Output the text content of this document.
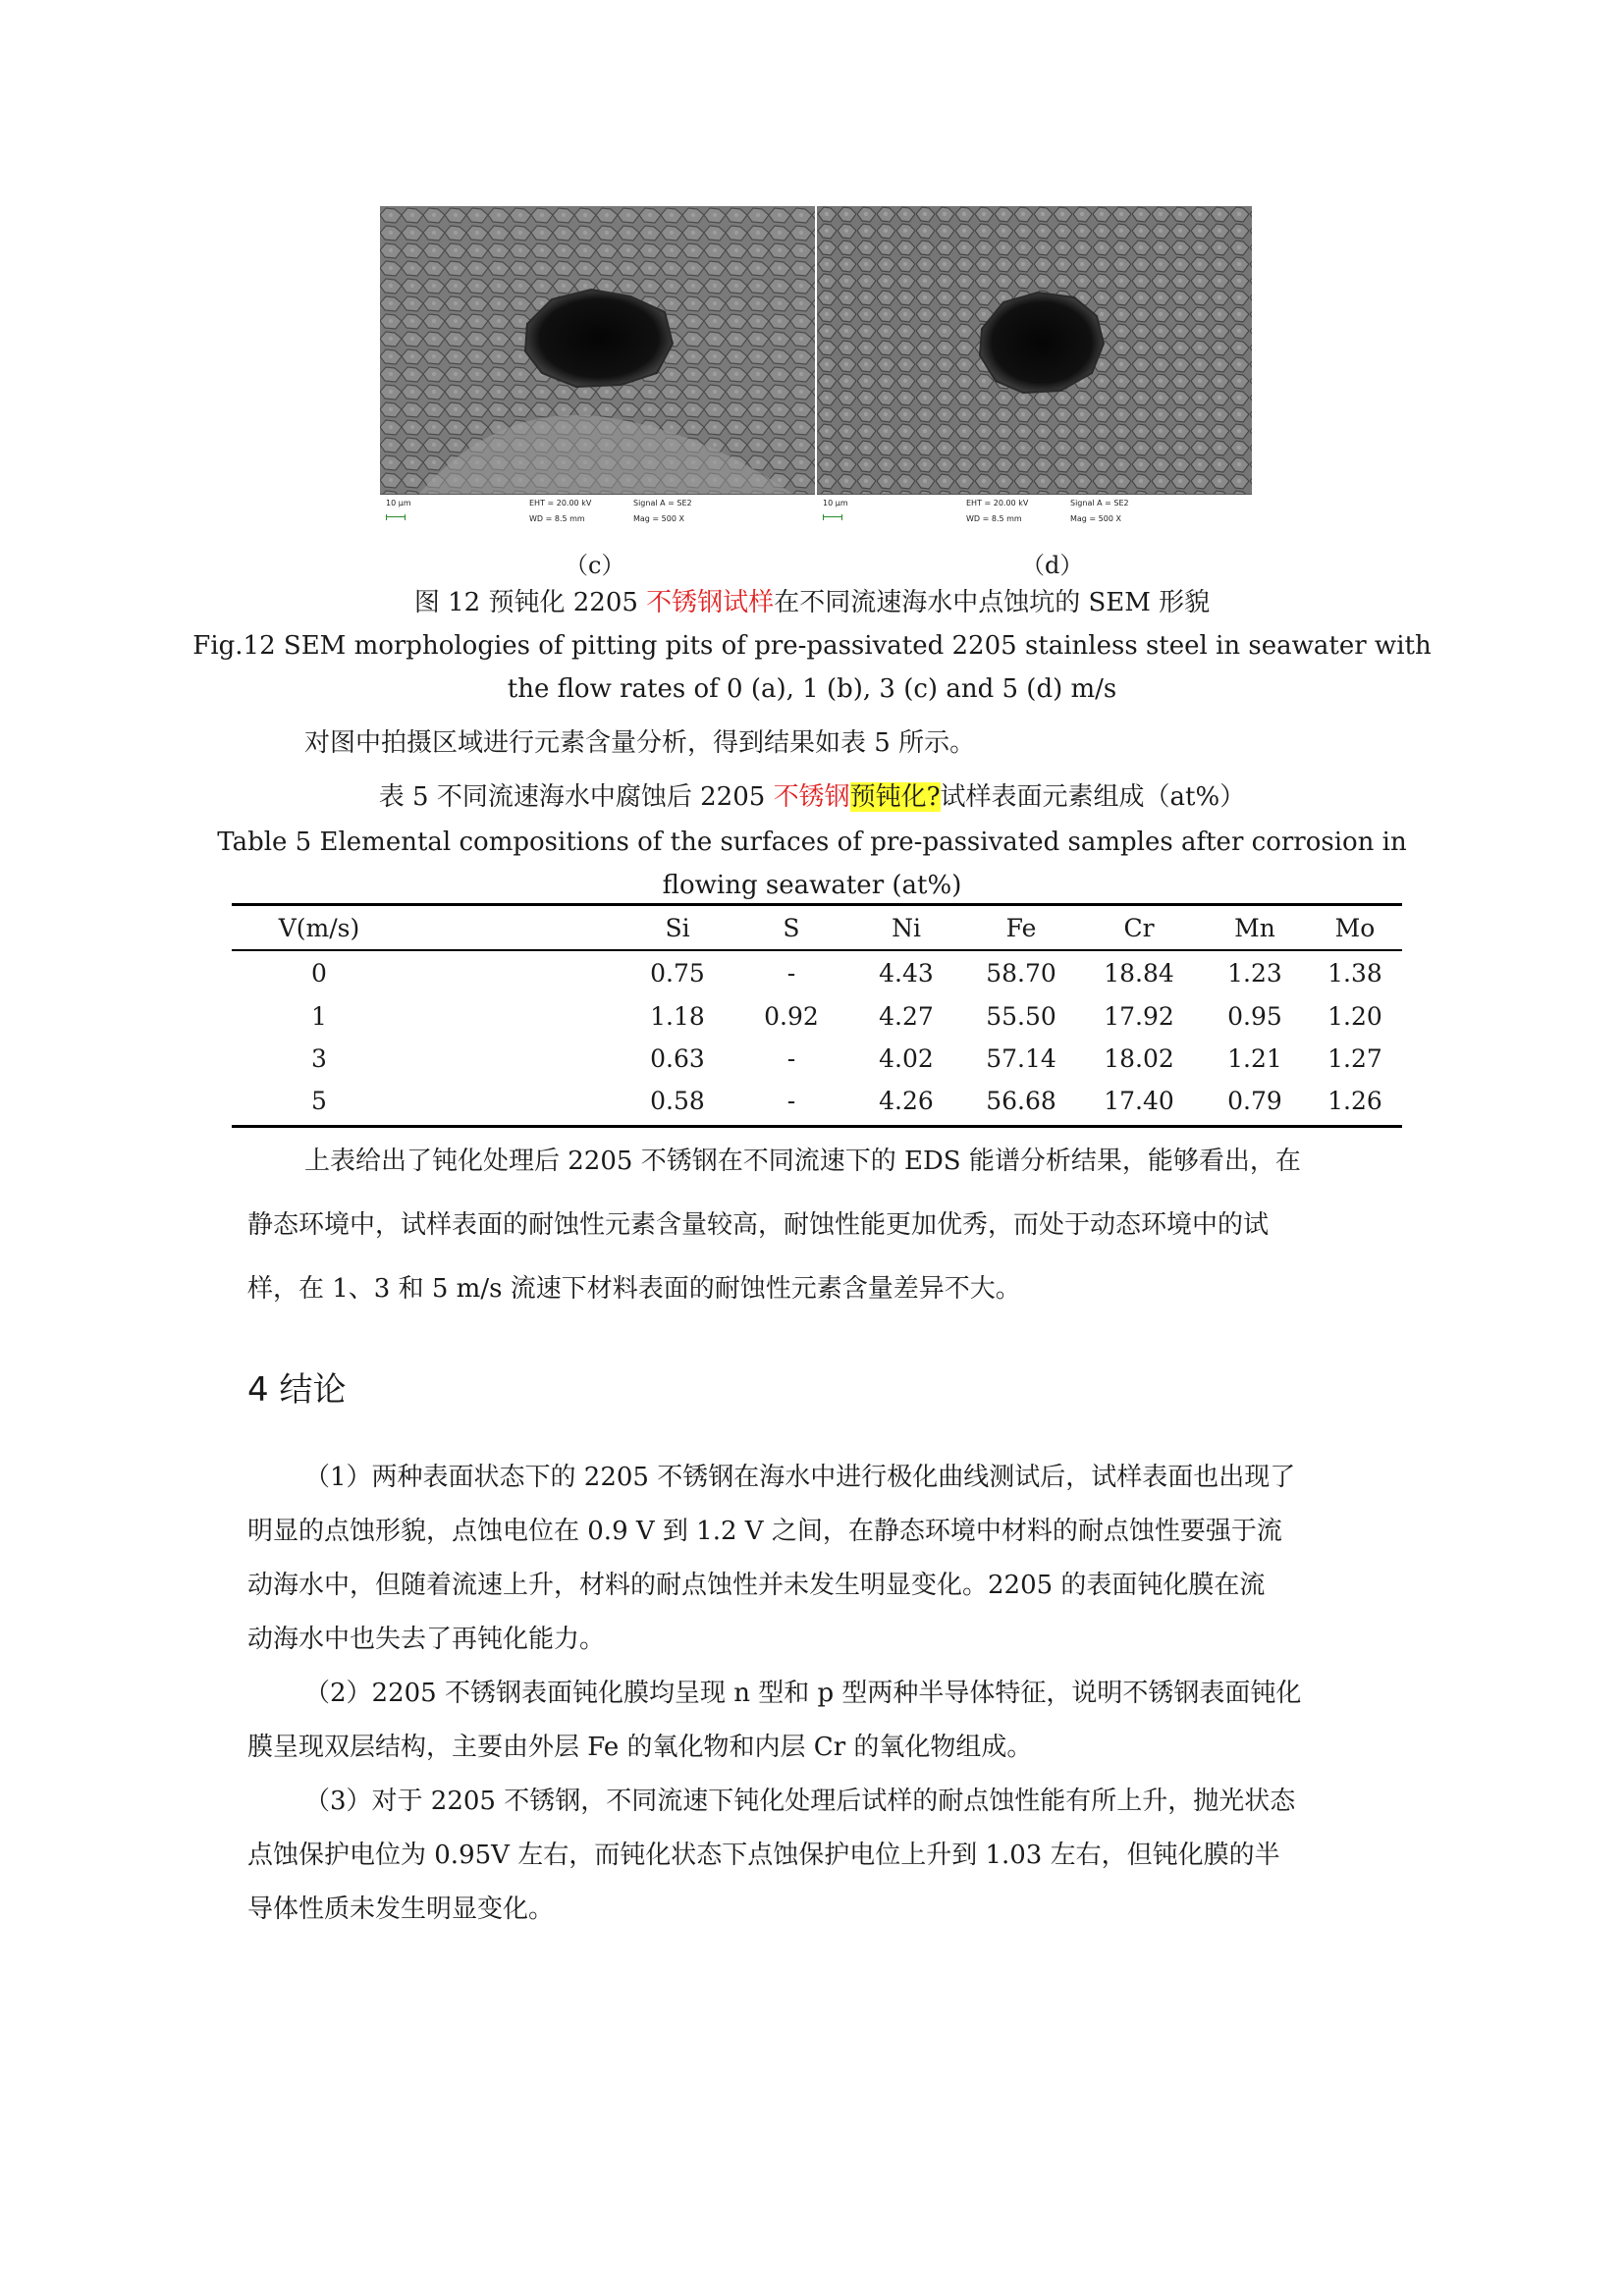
10 μm	EHT = 20.00 kV
WD = 8.5 mm
Signal A = SE2
Mag = 500 X
10 μm	EHT = 20.00 kV
WD = 8.5 mm
Signal A = SE2
Mag = 500 X
（c）	（d）
图 12 预钝化 2205 不锈钢试样在不同流速海水中点蚀坑的 SEM 形貌
Fig.12 SEM morphologies of pitting pits of pre-passivated 2205 stainless steel in seawater with
the flow rates of 0 (a), 1 (b), 3 (c) and 5 (d) m/s
对图中拍摄区域进行元素含量分析，得到结果如表 5 所示。
表 5 不同流速海水中腐蚀后 2205 不锈钢预钝化?试样表面元素组成（at%）
Table 5 Elemental compositions of the surfaces of pre-passivated samples after corrosion in
flowing seawater (at%)
V(m/s)	Si	S	Ni	Fe	Cr	Mn	Mo
0	0.75	-	4.43	58.70	18.84	1.23	1.38
1	1.18	0.92	4.27	55.50	17.92	0.95	1.20
3	0.63	-	4.02	57.14	18.02	1.21	1.27
5	0.58	-	4.26	56.68	17.40	0.79	1.26
上表给出了钝化处理后 2205 不锈钢在不同流速下的 EDS 能谱分析结果，能够看出，在
静态环境中，试样表面的耐蚀性元素含量较高，耐蚀性能更加优秀，而处于动态环境中的试
样，在 1、3 和 5 m/s 流速下材料表面的耐蚀性元素含量差异不大。
4 结论
（1）两种表面状态下的 2205 不锈钢在海水中进行极化曲线测试后，试样表面也出现了
明显的点蚀形貌，点蚀电位在 0.9 V 到 1.2 V 之间，在静态环境中材料的耐点蚀性要强于流
动海水中，但随着流速上升，材料的耐点蚀性并未发生明显变化。2205 的表面钝化膜在流
动海水中也失去了再钝化能力。
（2）2205 不锈钢表面钝化膜均呈现 n 型和 p 型两种半导体特征，说明不锈钢表面钝化
膜呈现双层结构，主要由外层 Fe 的氧化物和内层 Cr 的氧化物组成。
（3）对于 2205 不锈钢，不同流速下钝化处理后试样的耐点蚀性能有所上升，抛光状态
点蚀保护电位为 0.95V 左右，而钝化状态下点蚀保护电位上升到 1.03 左右，但钝化膜的半
导体性质未发生明显变化。
